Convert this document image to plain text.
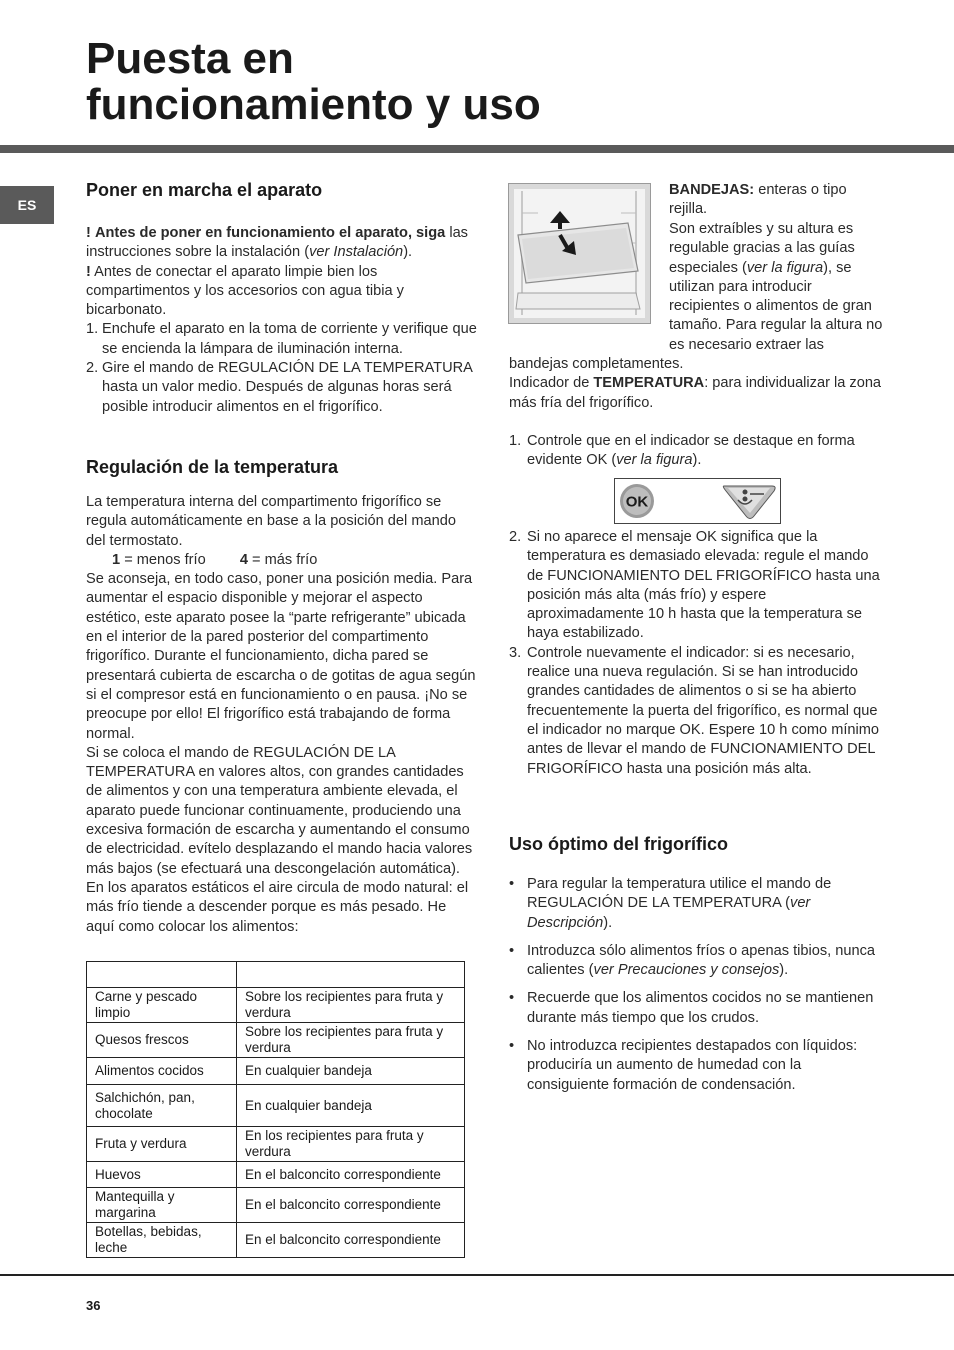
Puesta en
funcionamiento y uso
ES
Poner en marcha el aparato

! Antes de poner en funcionamiento el aparato, siga las instrucciones sobre la instalación (ver Instalación).

! Antes de conectar el aparato limpie bien los compartimentos y los accesorios con agua tibia y bicarbonato.

1. Enchufe el aparato en la toma de corriente y verifique que se encienda la lámpara de iluminación interna.
2. Gire el mando de REGULACIÓN DE LA TEMPERATURA hasta un valor medio. Después de algunas horas será posible introducir alimentos en el frigorífico.
Regulación de la temperatura

La temperatura interna del compartimento frigorífico se regula automáticamente en base a la posición del mando del termostato.

1 = menos frío 4 = más frío

Se aconseja, en todo caso, poner una posición media. Para aumentar el espacio disponible y mejorar el aspecto estético, este aparato posee la “parte refrigerante” ubicada en el interior de la pared posterior del compartimento frigorífico. Durante el funcionamiento, dicha pared se presentará cubierta de escarcha o de gotitas de agua según si el compresor está en funcionamiento o en pausa. ¡No se preocupe por ello! El frigorífico está trabajando de forma normal.

Si se coloca el mando de REGULACIÓN DE LA TEMPERATURA en valores altos, con grandes cantidades de alimentos y con una temperatura ambiente elevada, el aparato puede funcionar continuamente, produciendo una excesiva formación de escarcha y aumentando el consumo de electricidad. evítelo desplazando el mando hacia valores más bajos (se efectuará una descongelación automática).

En los aparatos estáticos el aire circula de modo natural: el más frío tiende a descender porque es más pesado. He aquí como colocar los alimentos:

Carne y pescado limpio	Sobre los recipientes para fruta y verdura
Quesos frescos	Sobre los recipientes para fruta y verdura
Alimentos cocidos	En cualquier bandeja
Salchichón, pan, chocolate	En cualquier bandeja
Fruta y verdura	En los recipientes para fruta y verdura
Huevos	En el balconcito correspondiente
Mantequilla y margarina	En el balconcito correspondiente
Botellas, bebidas, leche	En el balconcito correspondiente

BANDEJAS: enteras o tipo rejilla.

Son extraíbles y su altura es regulable gracias a las guías especiales (ver la figura), se utilizan para introducir recipientes o alimentos de gran tamaño. Para regular la altura no es necesario extraer las bandejas completamentes.

Indicador de TEMPERATURA: para individualizar la zona más fría del frigorífico.

1. Controle que en el indicador se destaque en forma evidente OK (ver la figura).
OK
2. Si no aparece el mensaje OK significa que la temperatura es demasiado elevada: regule el mando de FUNCIONAMIENTO DEL FRIGORÍFICO hasta una posición más alta (más frío) y espere aproximadamente 10 h hasta que la temperatura se haya estabilizado.
3. Controle nuevamente el indicador: si es necesario, realice una nueva regulación. Si se han introducido grandes cantidades de alimentos o si se ha abierto frecuentemente la puerta del frigorífico, es normal que el indicador no marque OK. Espere 10 h como mínimo antes de llevar el mando de FUNCIONAMIENTO DEL FRIGORÍFICO hasta una posición más alta.
Uso óptimo del frigorífico
• Para regular la temperatura utilice el mando de REGULACIÓN DE LA TEMPERATURA (ver Descripción).
• Introduzca sólo alimentos fríos o apenas tibios, nunca calientes (ver Precauciones y consejos).
• Recuerde que los alimentos cocidos no se mantienen durante más tiempo que los crudos.
• No introduzca recipientes destapados con líquidos: produciría un aumento de humedad con la consiguiente formación de condensación.
36
